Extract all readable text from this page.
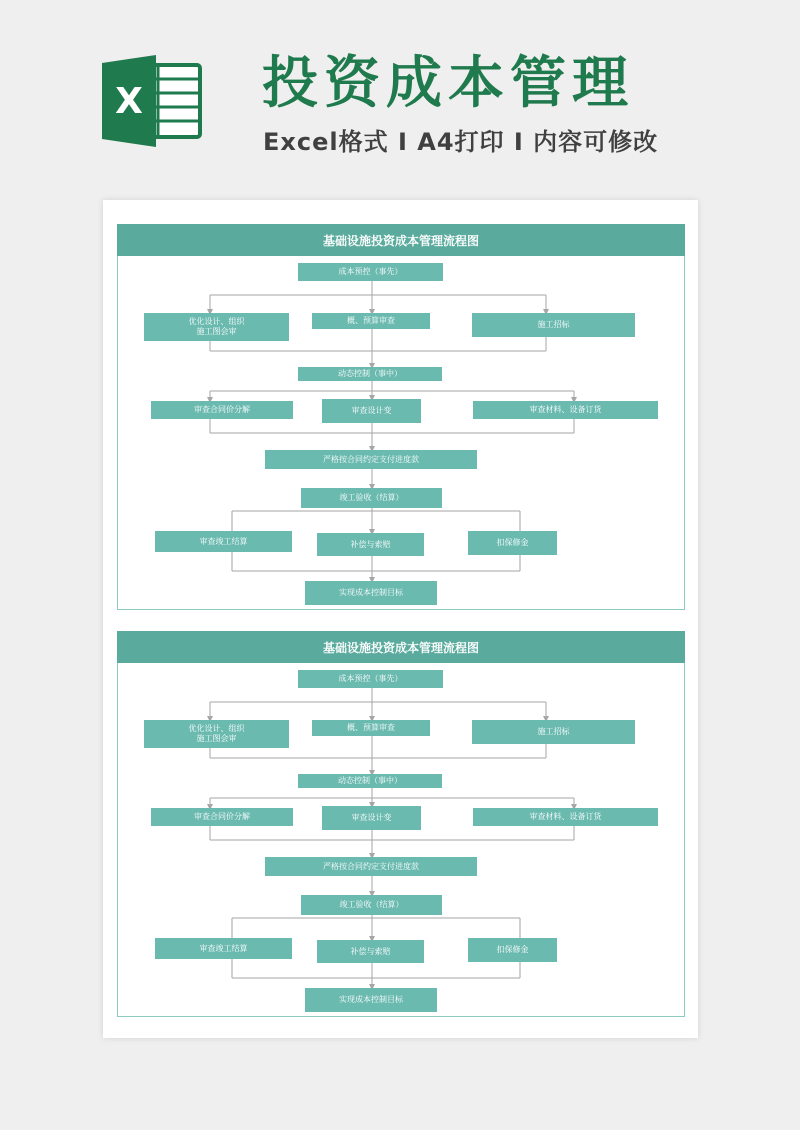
X 投资成本管理
Excel格式 I A4打印 I 内容可修改
基础设施投资成本管理流程图
成本预控（事先）
优化设计、组织
施工图会审
概、预算审查	施工招标
动态控制（事中）
审查合同价分解	审查设计变	审查材料、设备订货
严格按合同约定支付进度款
竣工验收（结算）
审查竣工结算	补偿与索赔	扣保修金
实现成本控制目标
基础设施投资成本管理流程图
成本预控（事先）
优化设计、组织
施工图会审
概、预算审查	施工招标
动态控制（事中）
审查合同价分解	审查设计变	审查材料、设备订货
严格按合同约定支付进度款
竣工验收（结算）
审查竣工结算	补偿与索赔	扣保修金
实现成本控制目标
